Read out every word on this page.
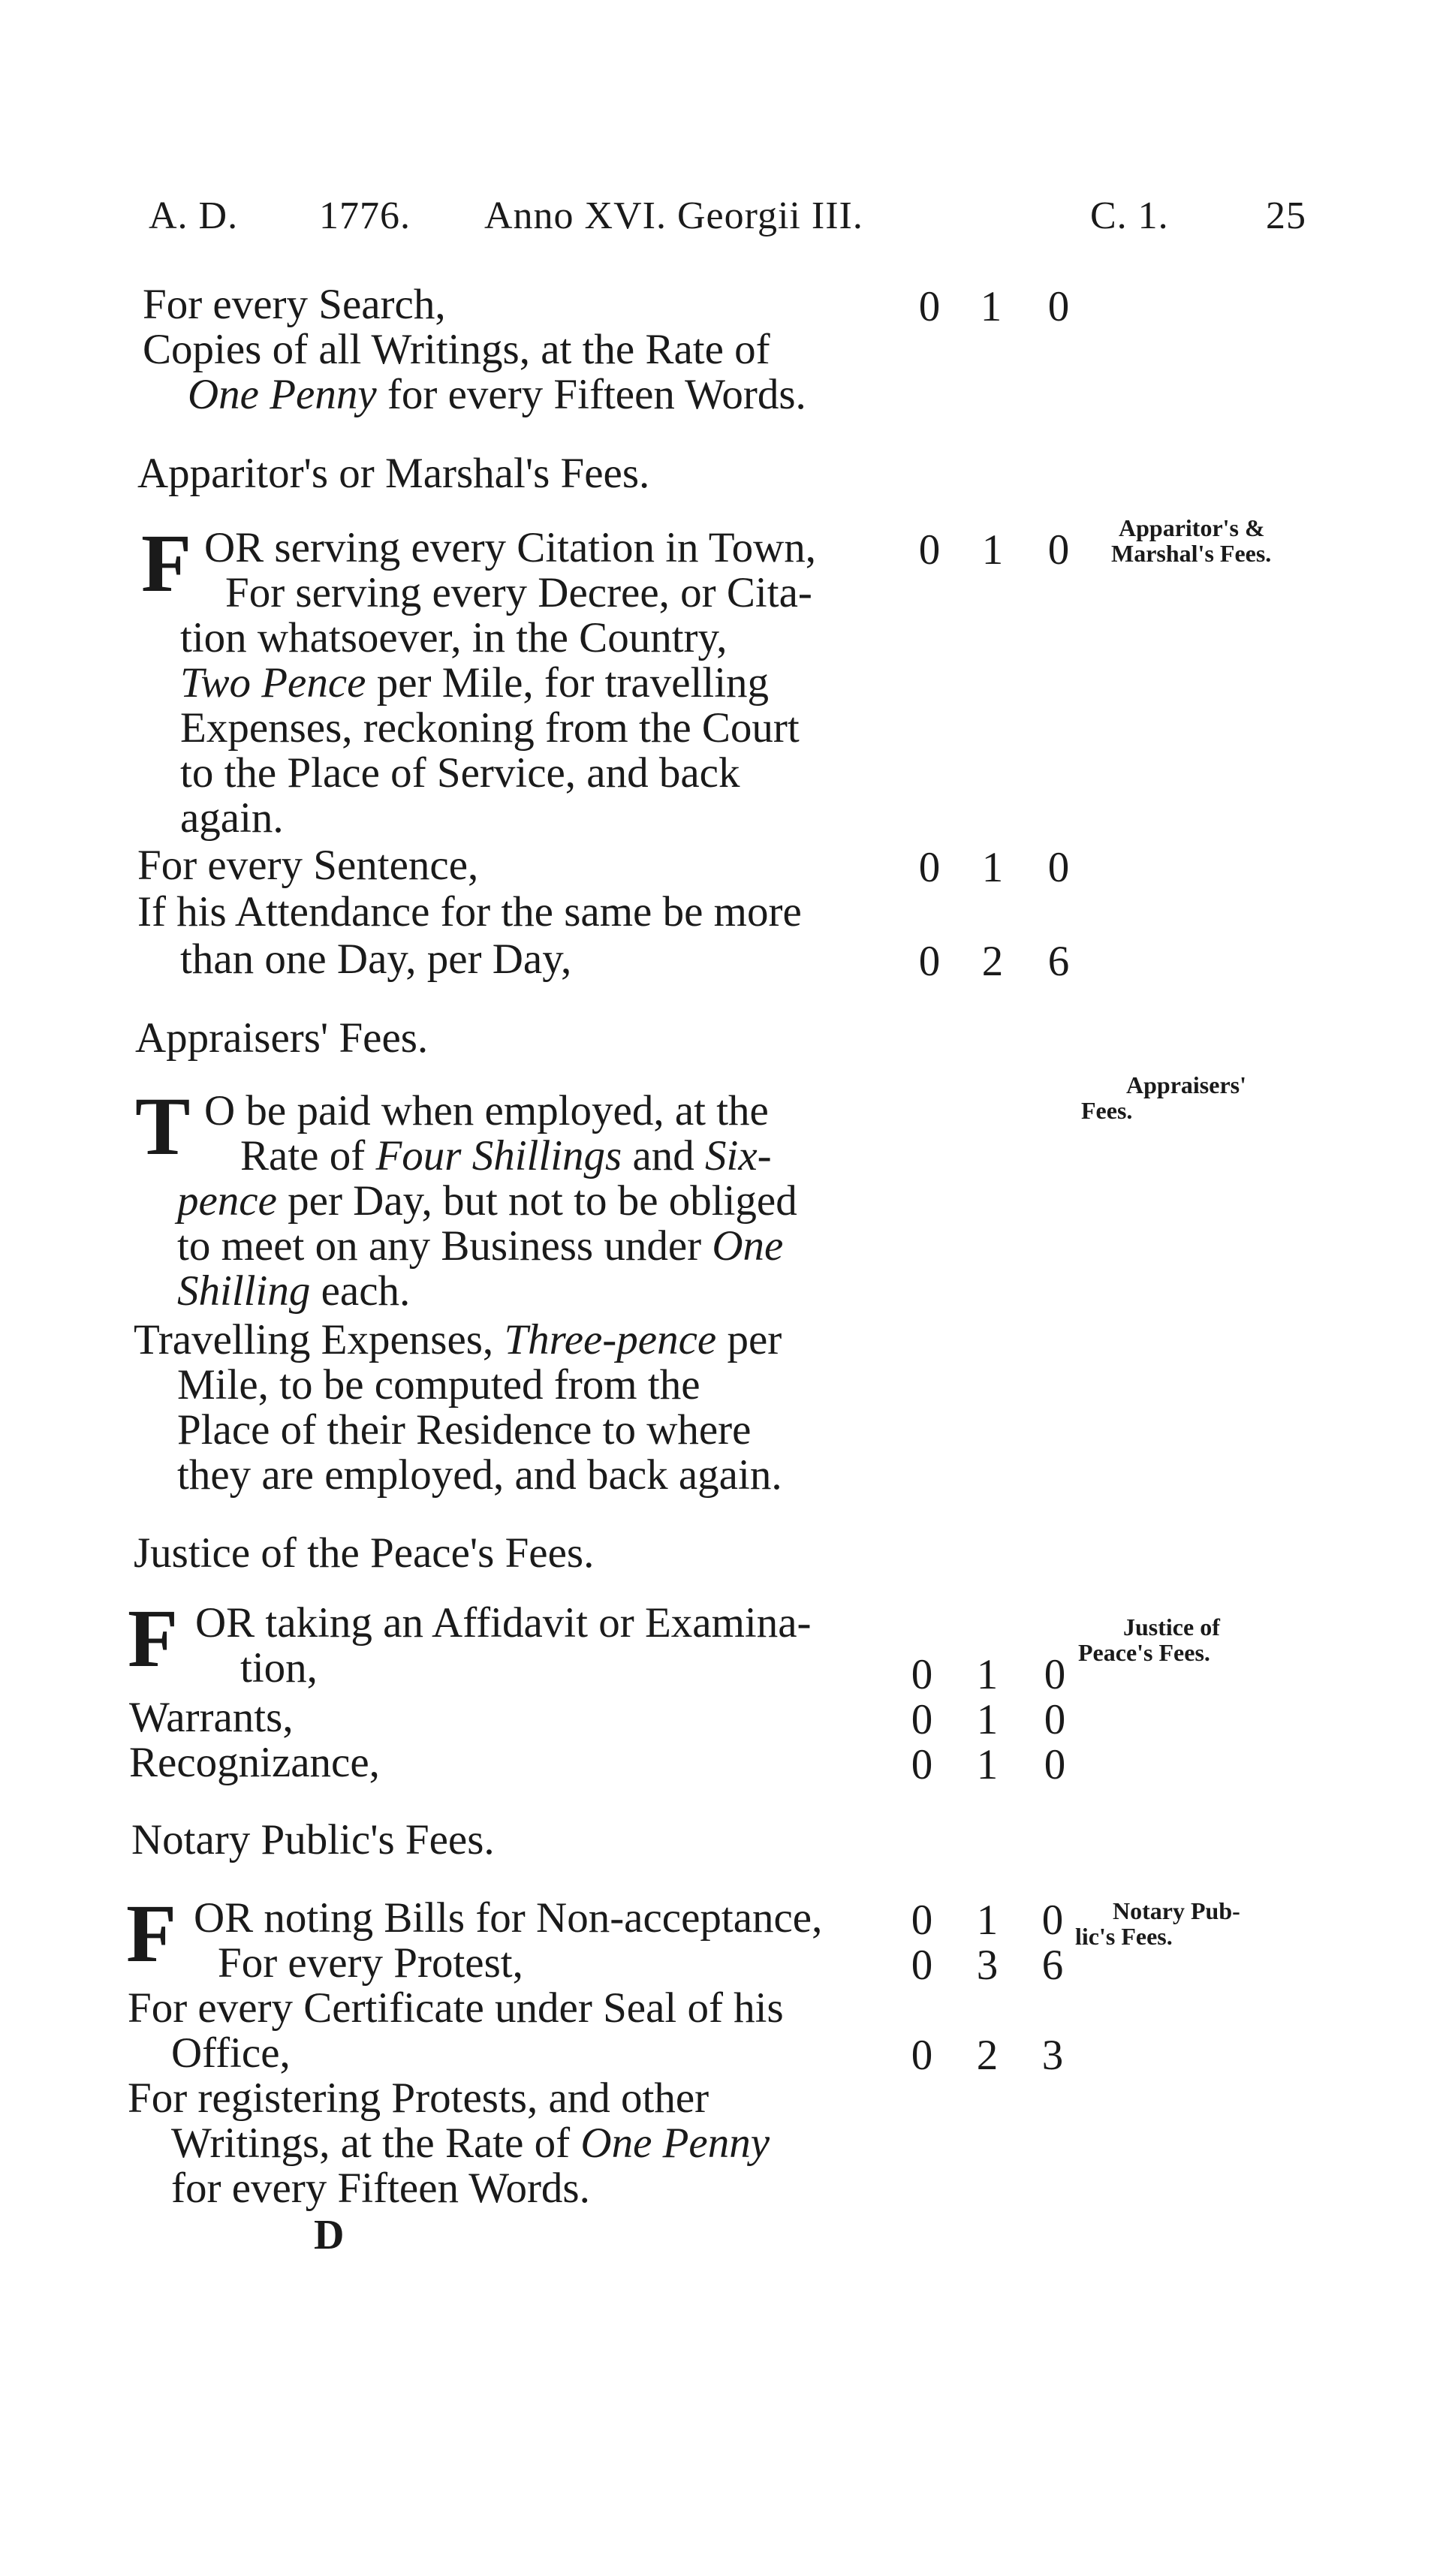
A. D. 1776. Anno XVI. Georgii III.	C. 1. 25
For every Search,	0 1 0
Copies of all Writings, at the Rate of
One Penny for every Fifteen Words.
Apparitor's or Marshal's Fees.
Apparitor's &
Marshal's Fees.
F OR serving every Citation in Town, 0 1 0
For serving every Decree, or Cita-
tion whatsoever, in the Country,
Two Pence per Mile, for travelling
Expenses, reckoning from the Court
to the Place of Service, and back
again.
For every Sentence,	0 1 0
If his Attendance for the same be more
than one Day, per Day,	0 2 6
Appraisers' Fees.
Appraisers'
Fees.
T O be paid when employed, at the
Rate of Four Shillings and Six-
pence per Day, but not to be obliged
to meet on any Business under One
Shilling each.
Travelling Expenses, Three-pence per
Mile, to be computed from the
Place of their Residence to where
they are employed, and back again.
Justice of the Peace's Fees.
Justice of
Peace's Fees.
F OR taking an Affidavit or Examina-
tion,	0 1 0
Warrants,	0 1 0
Recognizance,	0 1 0
Notary Public's Fees.
Notary Pub-
lic's Fees.
F OR noting Bills for Non-acceptance, 0 1 0
For every Protest,	0 3 6
For every Certificate under Seal of his
Office,	0 2 3
For registering Protests, and other
Writings, at the Rate of One Penny
for every Fifteen Words.
D
